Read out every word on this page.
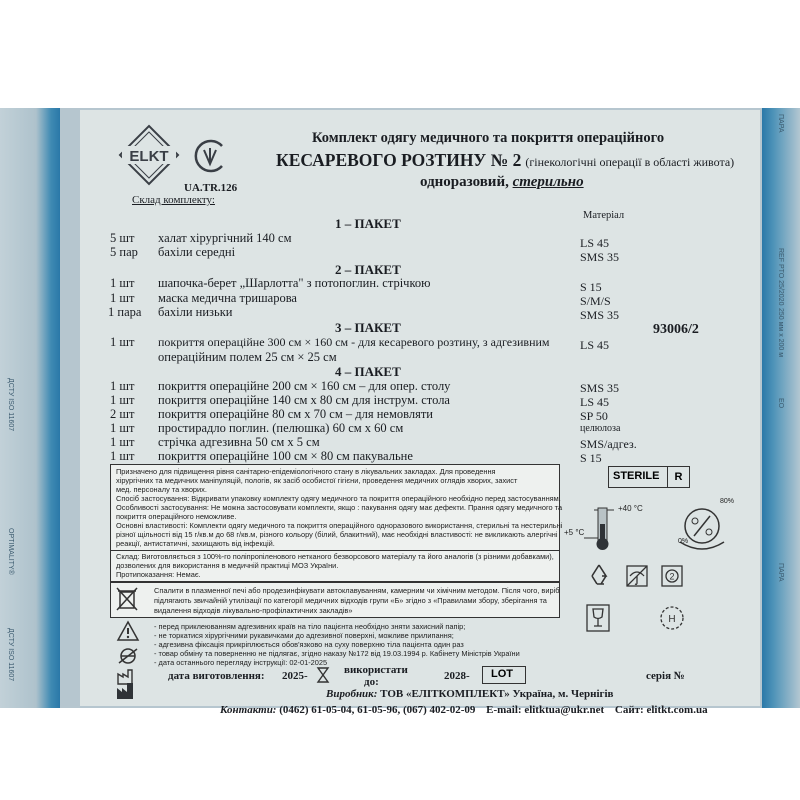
ДСТУ ISO 11607
OPTIMALITY®
ДСТУ ISO 11607
ПАРА
REF PTO 25/2020
250 мм х 200 м
ЕО
ПАРА
ELKT
UA.TR.126
Комплект одягу медичного та покриття операційного
КЕСАРЕВОГО РОЗТИНУ № 2 (гінекологічні операції в області живота)
одноразовий, стерильно
Склад комплекту:
Матеріал
93006/2
1 – ПАКЕТ
5 шт халат хірургічний 140 см	LS 45
5 пар бахіли середні	SMS 35
2 – ПАКЕТ
1 шт шапочка-берет „Шарлотта" з потопоглин. стрічкою	S 15
1 шт маска медична тришарова	S/M/S
1 пара бахіли низьки	SMS 35
3 – ПАКЕТ
1 шт покриття операційне 300 см × 160 см - для кесаревого розтину, з адгезивним	LS 45
операційним полем 25 см × 25 см
4 – ПАКЕТ
1 шт покриття операційне 200 см × 160 см – для опер. столу	SMS 35
1 шт покриття операційне 140 см х 80 см для інструм. стола	LS 45
2 шт покриття операційне 80 см х 70 см – для немовляти	SP 50
1 шт простирадло поглин. (пелюшка) 60 см х 60 см	целюлоза
1 шт стрічка адгезивна 50 см х 5 см	SMS/адгез.
1 шт покриття операційне 100 см × 80 см пакувальне	S 15
Призначено для підвищення рівня санітарно-епідеміологічного стану в лікувальних закладах. Для проведення
хірургічних та медичних маніпуляцій, пологів, як засіб особистої гігієни, проведення медичних оглядів хворих, захист
мед. персоналу та хворих.
Спосіб застосування: Відкривати упаковку комплекту одягу медичного та покриття операційного необхідно перед застосуванням.
Особливості застосування: Не можна застосовувати комплекти, якщо : пакування одягу має дефекти. Прання одягу медичного та
покриття операційного неможливе.
Основні властивості: Комплекти одягу медичного та покриття операційного одноразового використання, стерильні та нестерильні
різної щільності від 15 г/кв.м до 68 г/кв.м, різного кольору (білий, блакитний), має необхідні властивості: не викликають алергічні
реакції, антистатичні, захищають від інфекцій.
Склад: Виготовляється з 100%-го поліпропіленового нетканого безворсового матеріалу та його аналогів (з різними добавками),
дозволених для використання в медичній практиці МОЗ України.
Протипоказання: Немає.
STERILE	R
+40 °C
+5 °C
80%
0%
Спалити в плазменної печі або продезинфікувати автоклавуванням, камерним чи хімічним методом. Після чого, виріб
підлягають звичайній утилізації по категорії медичних відходів групи «Б» згідно з «Правилами збору, зберігання та
видалення відходів лікувально-профілактичних закладів»
- перед приклеюванням адгезивних країв на тіло пацієнта необхідно зняти захисний папір;
- не торкатися хірургічними рукавичками до адгезивної поверхні, можливе прилипання;
- адгезивна фіксація прикріплюється обов'язково на суху поверхню тіла пацієнта один раз
- товар обміну та поверненню не підлягає, згідно наказу №172 від 19.03.1994 р. Кабінету Міністрів України
- дата останнього перегляду інструкції: 02-01-2025
2
H
дата виготовлення: 2025-	використати
до:	2028- LOT	серія №
Виробник: ТОВ «ЕЛІТКОМПЛЕКТ» Україна, м. Чернігів
Контакти: (0462) 61-05-04, 61-05-96, (067) 402-02-09 E-mail: elitktua@ukr.net Сайт: elitkt.com.ua
